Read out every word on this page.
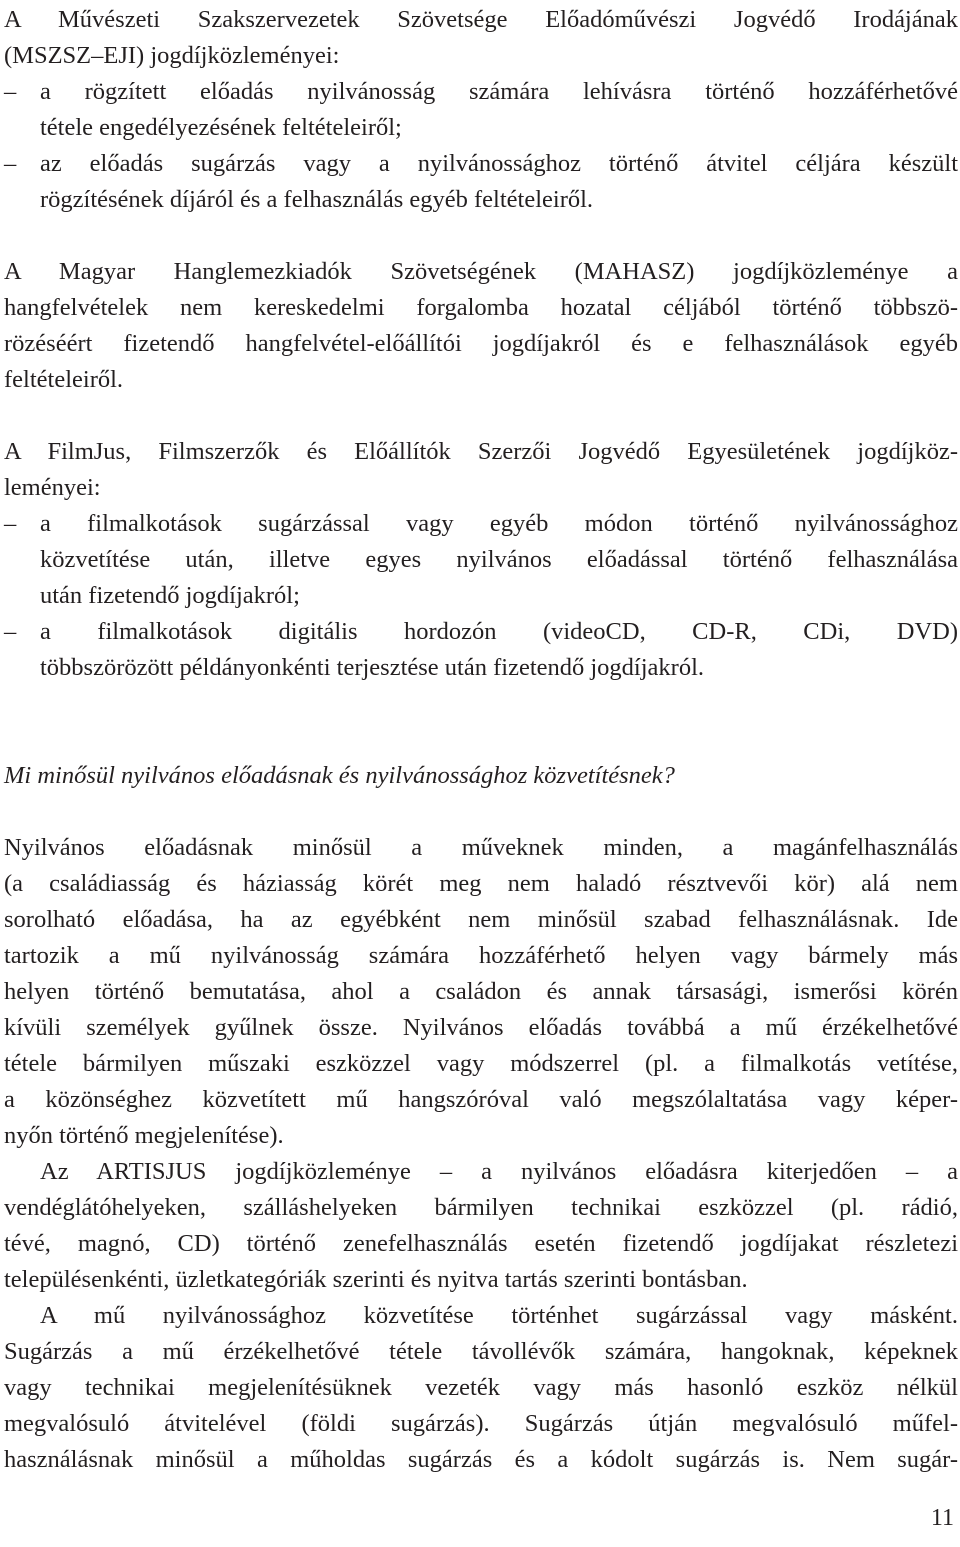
A Művészeti Szakszervezetek Szövetsége Előadóművészi Jogvédő Irodájának
(MSZSZ–EJI) jogdíjközleményei:
– a rögzített előadás nyilvánosság számára lehívásra történő hozzáférhetővé
tétele engedélyezésének feltételeiről;
– az előadás sugárzás vagy a nyilvánossághoz történő átvitel céljára készült
rögzítésének díjáról és a felhasználás egyéb feltételeiről.
A Magyar Hanglemezkiadók Szövetségének (MAHASZ) jogdíjközleménye a
hangfelvételek nem kereskedelmi forgalomba hozatal céljából történő többszö-
rözéséért fizetendő hangfelvétel-előállítói jogdíjakról és e felhasználások egyéb
feltételeiről.
A FilmJus, Filmszerzők és Előállítók Szerzői Jogvédő Egyesületének jogdíjköz-
leményei:
– a filmalkotások sugárzással vagy egyéb módon történő nyilvánossághoz
közvetítése után, illetve egyes nyilvános előadással történő felhasználása
után fizetendő jogdíjakról;
– a filmalkotások digitális hordozón (videoCD, CD-R, CDi, DVD)
többszörözött példányonkénti terjesztése után fizetendő jogdíjakról.
Mi minősül nyilvános előadásnak és nyilvánossághoz közvetítésnek?
Nyilvános előadásnak minősül a műveknek minden, a magánfelhasználás
(a családiasság és háziasság körét meg nem haladó résztvevői kör) alá nem
sorolható előadása, ha az egyébként nem minősül szabad felhasználásnak. Ide
tartozik a mű nyilvánosság számára hozzáférhető helyen vagy bármely más
helyen történő bemutatása, ahol a családon és annak társasági, ismerősi körén
kívüli személyek gyűlnek össze. Nyilvános előadás továbbá a mű érzékelhetővé
tétele bármilyen műszaki eszközzel vagy módszerrel (pl. a filmalkotás vetítése,
a közönséghez közvetített mű hangszóróval való megszólaltatása vagy képer-
nyőn történő megjelenítése).
Az ARTISJUS jogdíjközleménye – a nyilvános előadásra kiterjedően – a
vendéglátóhelyeken, szálláshelyeken bármilyen technikai eszközzel (pl. rádió,
tévé, magnó, CD) történő zenefelhasználás esetén fizetendő jogdíjakat részletezi
településenkénti, üzletkategóriák szerinti és nyitva tartás szerinti bontásban.
A mű nyilvánossághoz közvetítése történhet sugárzással vagy másként.
Sugárzás a mű érzékelhetővé tétele távollévők számára, hangoknak, képeknek
vagy technikai megjelenítésüknek vezeték vagy más hasonló eszköz nélkül
megvalósuló átvitelével (földi sugárzás). Sugárzás útján megvalósuló műfel-
használásnak minősül a műholdas sugárzás és a kódolt sugárzás is. Nem sugár-
11
